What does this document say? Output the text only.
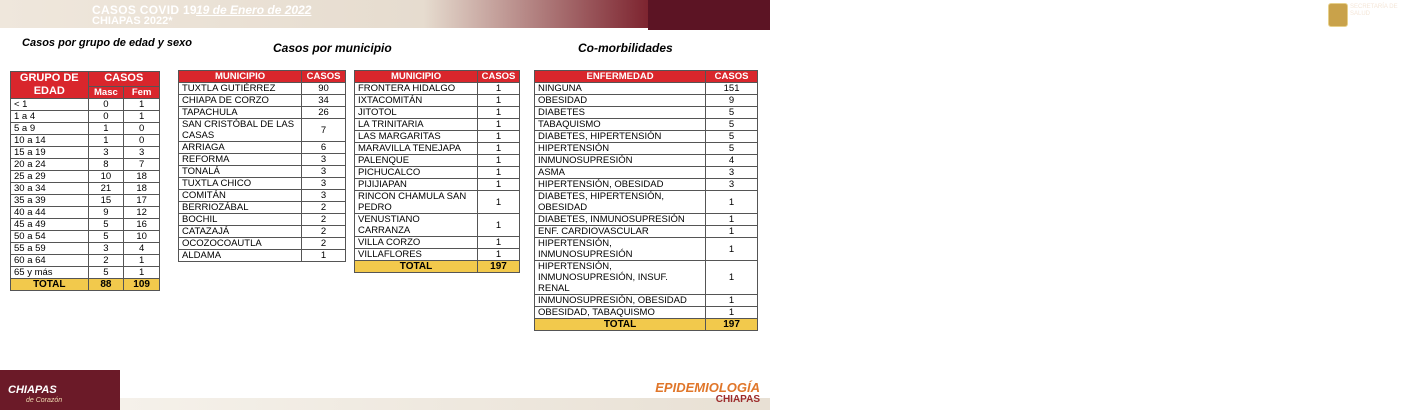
CASOS COVID 19 19 de Enero de 2022
CHIAPAS 2022*
SECRETARÍA DE SALUD
Casos por grupo de edad y sexo	Casos por municipio	Co-morbilidades
GRUPO DE EDAD	CASOS	
	Masc	Fem
< 1	0	1
1 a 4	0	1
5 a 9	1	0
10 a 14	1	0
15 a 19	3	3
20 a 24	8	7
25 a 29	10	18
30 a 34	21	18
35 a 39	15	17
40 a 44	9	12
45 a 49	5	16
50 a 54	5	10
55 a 59	3	4
60 a 64	2	1
65 y más	5	1
TOTAL	88	109
MUNICIPIO	CASOS
TUXTLA GUTIÉRREZ	90
CHIAPA DE CORZO	34
TAPACHULA	26
SAN CRISTÓBAL DE LAS CASAS	7
ARRIAGA	6
REFORMA	3
TONALÁ	3
TUXTLA CHICO	3
COMITÁN	3
BERRIOZÁBAL	2
BOCHIL	2
CATAZAJÁ	2
OCOZOCOAUTLA	2
ALDAMA	1
MUNICIPIO	CASOS
FRONTERA HIDALGO	1
IXTACOMITÁN	1
JITOTOL	1
LA TRINITARIA	1
LAS MARGARITAS	1
MARAVILLA TENEJAPA	1
PALENQUE	1
PICHUCALCO	1
PIJIJIAPAN	1
RINCON CHAMULA SAN PEDRO	1
VENUSTIANO CARRANZA	1
VILLA CORZO	1
VILLAFLORES	1
TOTAL	197
ENFERMEDAD	CASOS
NINGUNA	151
OBESIDAD	9
DIABETES	5
TABAQUISMO	5
DIABETES, HIPERTENSIÓN	5
HIPERTENSIÓN	5
INMUNOSUPRESIÓN	4
ASMA	3
HIPERTENSIÓN, OBESIDAD	3
DIABETES, HIPERTENSIÓN, OBESIDAD	1
DIABETES, INMUNOSUPRESIÓN	1
ENF. CARDIOVASCULAR	1
HIPERTENSIÓN, INMUNOSUPRESIÓN	1
HIPERTENSIÓN, INMUNOSUPRESIÓN, INSUF. RENAL	1
INMUNOSUPRESIÓN, OBESIDAD	1
OBESIDAD, TABAQUISMO	1
TOTAL	197
CHIAPAS
de Corazón
EPIDEMIOLOGÍA
CHIAPAS
